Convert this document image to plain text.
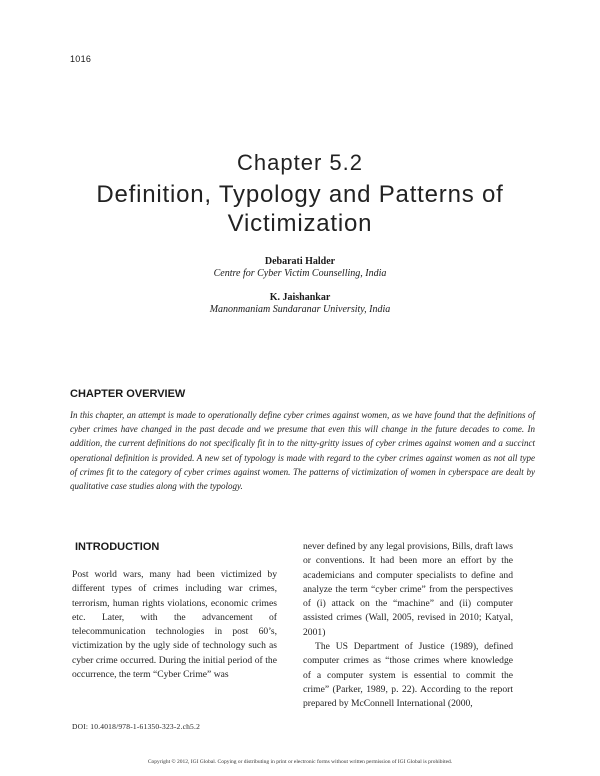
1016
Chapter 5.2
Definition, Typology and Patterns of Victimization
Debarati Halder
Centre for Cyber Victim Counselling, India
K. Jaishankar
Manonmaniam Sundaranar University, India
CHAPTER OVERVIEW
In this chapter, an attempt is made to operationally define cyber crimes against women, as we have found that the definitions of cyber crimes have changed in the past decade and we presume that even this will change in the future decades to come. In addition, the current definitions do not specifically fit in to the nitty-gritty issues of cyber crimes against women and a succinct operational definition is provided. A new set of typology is made with regard to the cyber crimes against women as not all type of crimes fit to the category of cyber crimes against women. The patterns of victimization of women in cyberspace are dealt by qualitative case studies along with the typology.
INTRODUCTION

Post world wars, many had been victimized by different types of crimes including war crimes, terrorism, human rights violations, economic crimes etc. Later, with the advancement of telecommunication technologies in post 60’s, victimization by the ugly side of technology such as cyber crime occurred. During the initial period of the occurrence, the term “Cyber Crime” was

never defined by any legal provisions, Bills, draft laws or conventions. It had been more an effort by the academicians and computer specialists to define and analyze the term “cyber crime” from the perspectives of (i) attack on the “machine” and (ii) computer assisted crimes (Wall, 2005, revised in 2010; Katyal, 2001)

The US Department of Justice (1989), defined computer crimes as “those crimes where knowledge of a computer system is essential to commit the crime” (Parker, 1989, p. 22). According to the report prepared by McConnell International (2000,

DOI: 10.4018/978-1-61350-323-2.ch5.2
Copyright © 2012, IGI Global. Copying or distributing in print or electronic forms without written permission of IGI Global is prohibited.
